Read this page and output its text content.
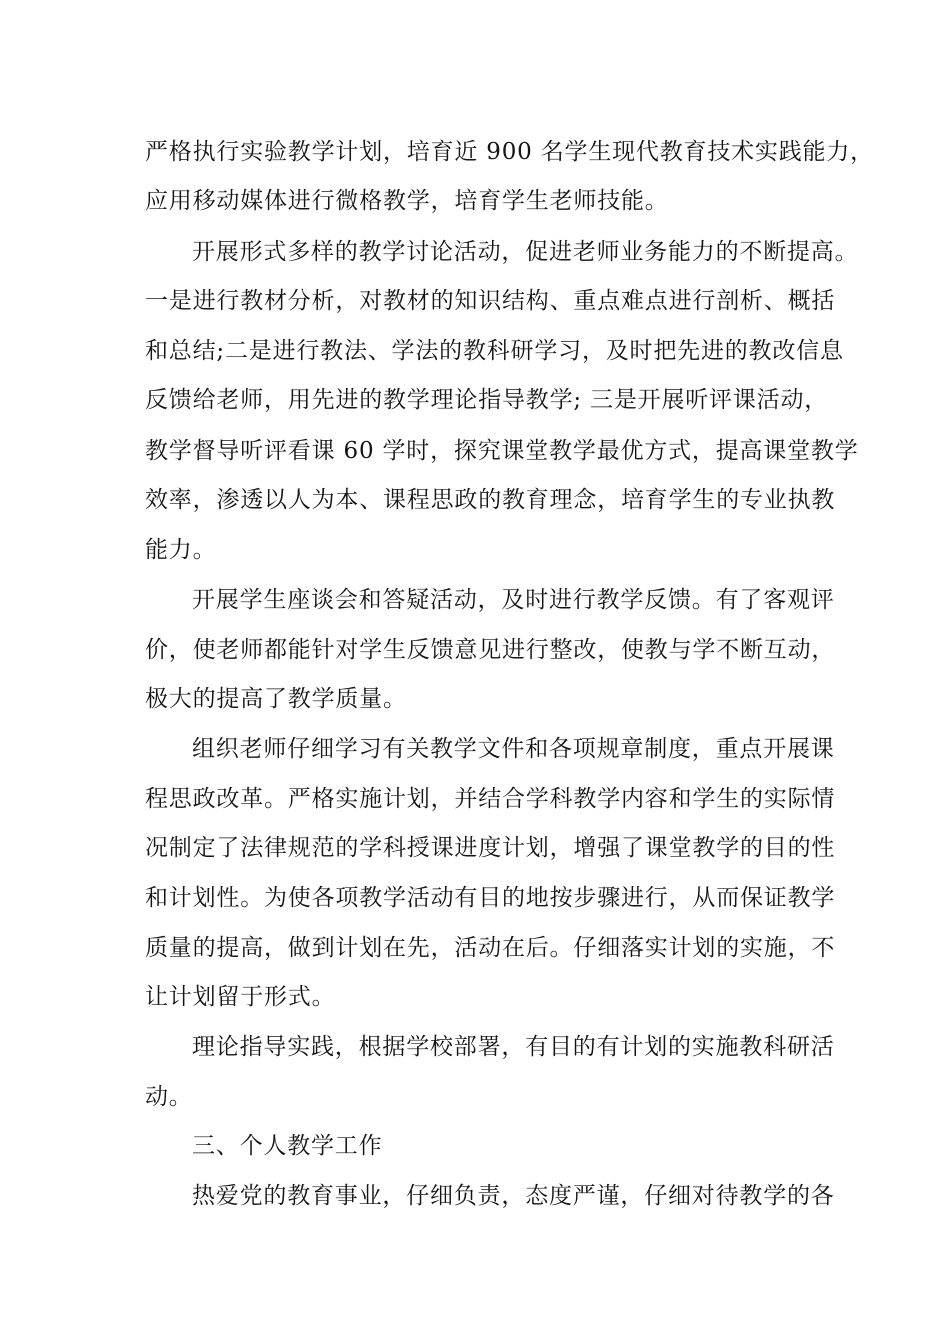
严格执行实验教学计划，培育近 900 名学生现代教育技术实践能力，
应用移动媒体进行微格教学，培育学生老师技能。
开展形式多样的教学讨论活动，促进老师业务能力的不断提高。
一是进行教材分析，对教材的知识结构、重点难点进行剖析、概括
和总结;二是进行教法、学法的教科研学习，及时把先进的教改信息
反馈给老师，用先进的教学理论指导教学; 三是开展听评课活动，
教学督导听评看课 60 学时，探究课堂教学最优方式，提高课堂教学
效率，渗透以人为本、课程思政的教育理念，培育学生的专业执教
能力。
开展学生座谈会和答疑活动，及时进行教学反馈。有了客观评
价，使老师都能针对学生反馈意见进行整改，使教与学不断互动，
极大的提高了教学质量。
组织老师仔细学习有关教学文件和各项规章制度，重点开展课
程思政改革。严格实施计划，并结合学科教学内容和学生的实际情
况制定了法律规范的学科授课进度计划，增强了课堂教学的目的性
和计划性。为使各项教学活动有目的地按步骤进行，从而保证教学
质量的提高，做到计划在先，活动在后。仔细落实计划的实施，不
让计划留于形式。
理论指导实践，根据学校部署，有目的有计划的实施教科研活
动。
三、个人教学工作
热爱党的教育事业，仔细负责，态度严谨，仔细对待教学的各
